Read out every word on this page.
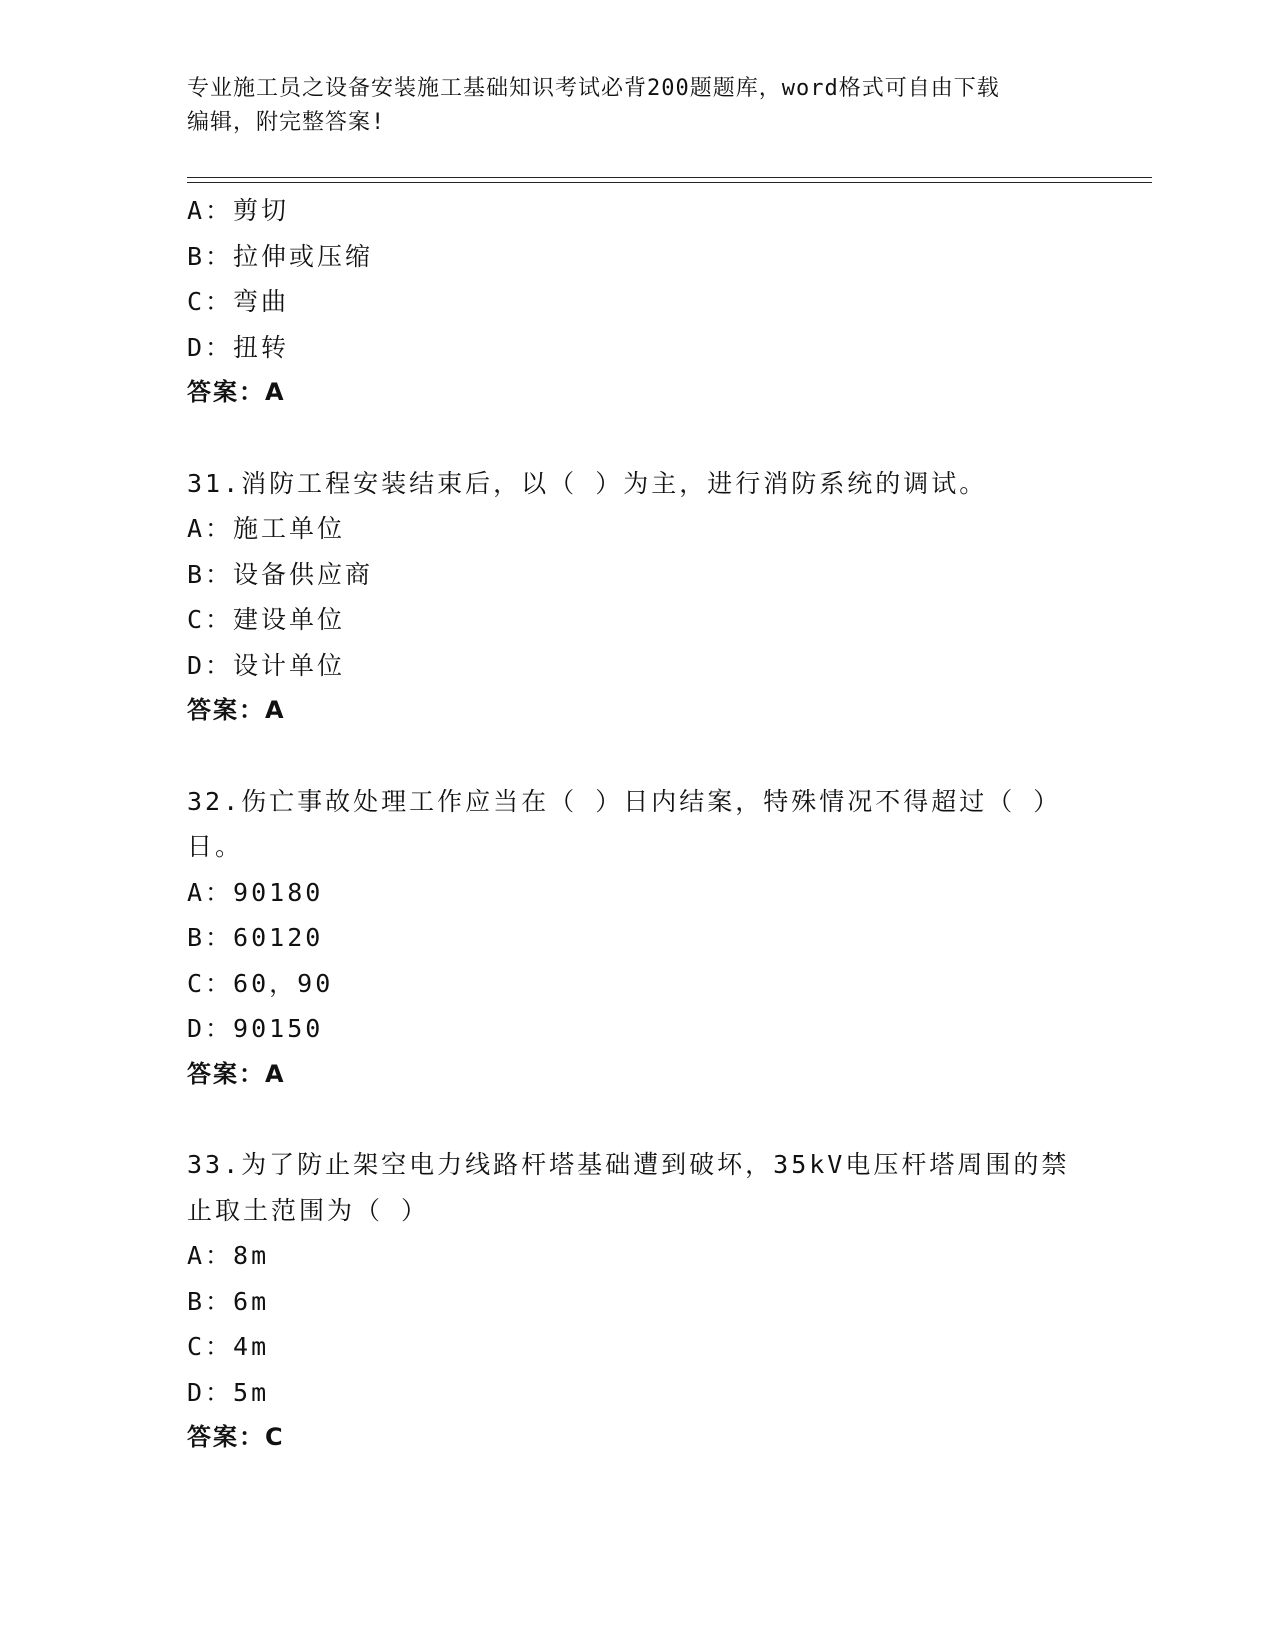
专业施工员之设备安装施工基础知识考试必背200题题库，word格式可自由下载
编辑，附完整答案!
A：剪切
B：拉伸或压缩
C：弯曲
D：扭转
答案：A
31.消防工程安装结束后，以（ ）为主，进行消防系统的调试。
A：施工单位
B：设备供应商
C：建设单位
D：设计单位
答案：A
32.伤亡事故处理工作应当在（ ）日内结案，特殊情况不得超过（ ）
日。
A：90180
B：60120
C：60，90
D：90150
答案：A
33.为了防止架空电力线路杆塔基础遭到破坏，35kV电压杆塔周围的禁
止取土范围为（ ）
A：8m
B：6m
C：4m
D：5m
答案：C
